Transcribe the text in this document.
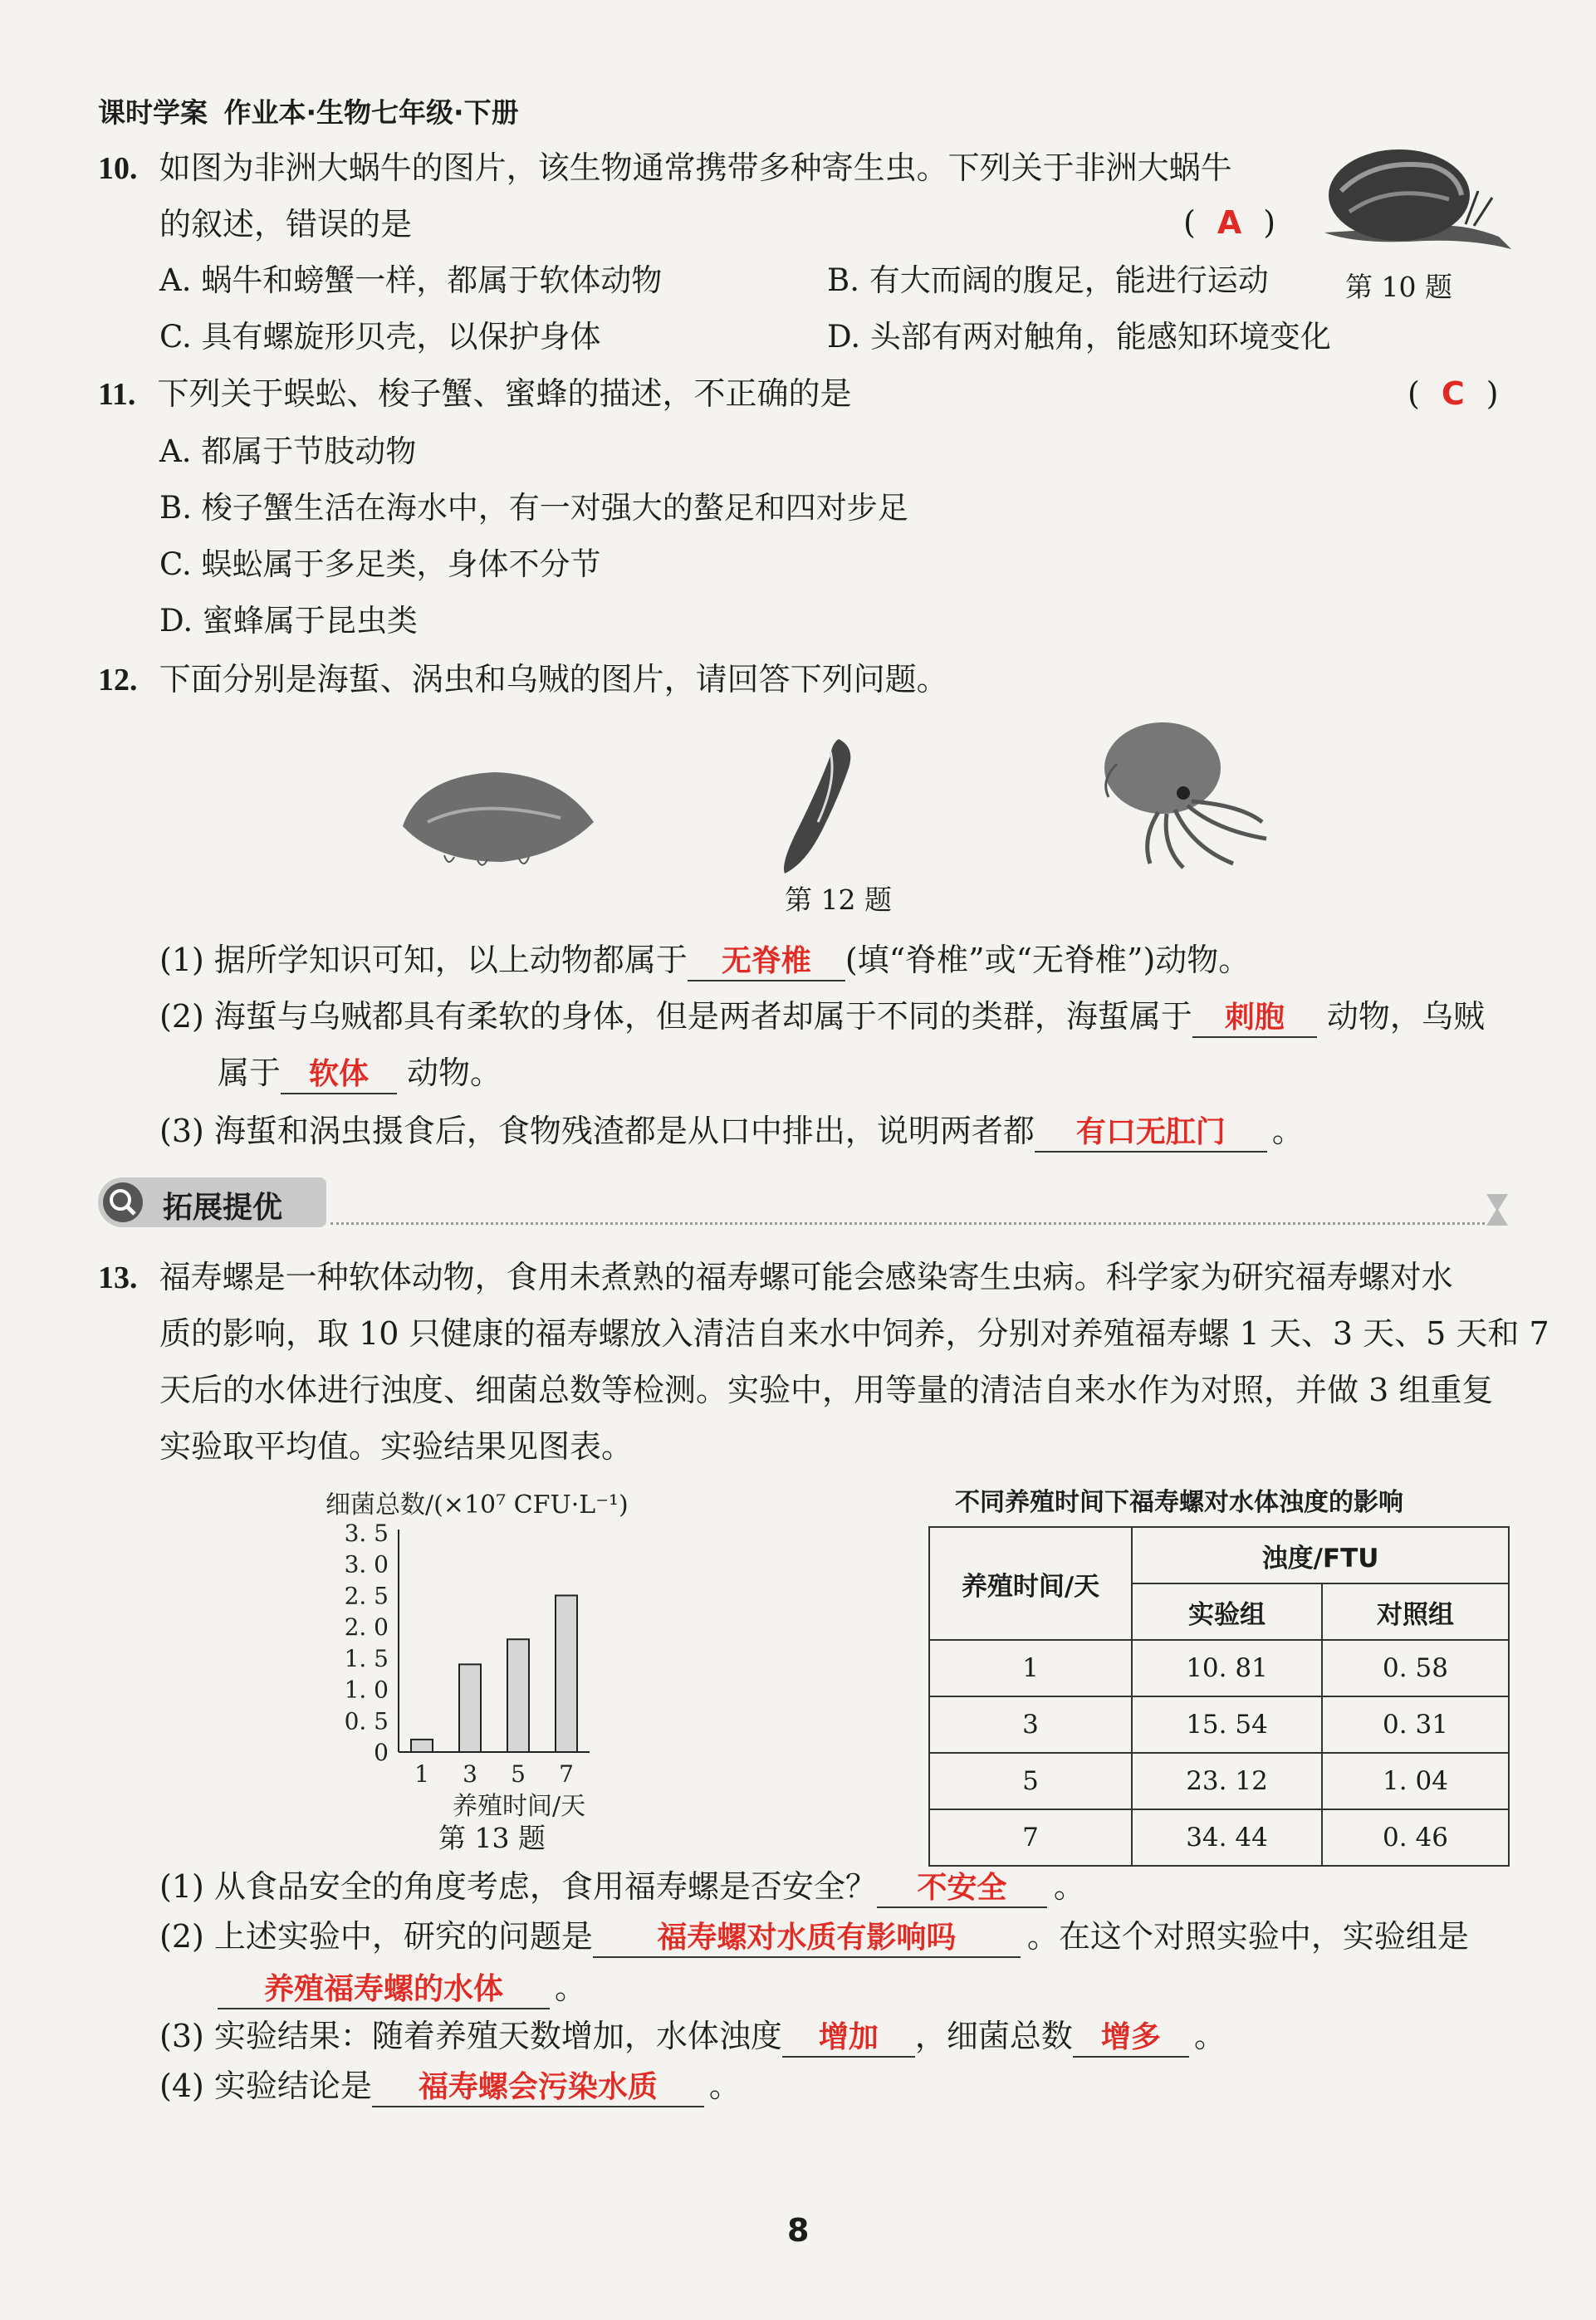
课时学案 作业本·生物七年级·下册
10. 如图为非洲大蜗牛的图片，该生物通常携带多种寄生虫。下列关于非洲大蜗牛
的叙述，错误的是	( A )
A. 蜗牛和螃蟹一样，都属于软体动物	B. 有大而阔的腹足，能进行运动
C. 具有螺旋形贝壳，以保护身体	D. 头部有两对触角，能感知环境变化
第 10 题
11. 下列关于蜈蚣、梭子蟹、蜜蜂的描述，不正确的是	( C )
A. 都属于节肢动物
B. 梭子蟹生活在海水中，有一对强大的螯足和四对步足
C. 蜈蚣属于多足类，身体不分节
D. 蜜蜂属于昆虫类
12. 下面分别是海蜇、涡虫和乌贼的图片，请回答下列问题。
第 12 题
(1) 据所学知识可知，以上动物都属于 无脊椎 (填“脊椎”或“无脊椎”)动物。
(2) 海蜇与乌贼都具有柔软的身体，但是两者却属于不同的类群，海蜇属于 刺胞 动物，乌贼
属于 软体 动物。
(3) 海蜇和涡虫摄食后，食物残渣都是从口中排出，说明两者都 有口无肛门 。
拓展提优
13. 福寿螺是一种软体动物，食用未煮熟的福寿螺可能会感染寄生虫病。科学家为研究福寿螺对水
质的影响，取 10 只健康的福寿螺放入清洁自来水中饲养，分别对养殖福寿螺 1 天、3 天、5 天和 7
天后的水体进行浊度、细菌总数等检测。实验中，用等量的清洁自来水作为对照，并做 3 组重复
实验取平均值。实验结果见图表。
细菌总数/(×10⁷ CFU·L⁻¹)
0
0. 5
1. 0
1. 5
2. 0
2. 5
3. 0
3. 5
1 3 5 7
养殖时间/天
第 13 题
不同养殖时间下福寿螺对水体浊度的影响
养殖时间/天	浊度/FTU	
	实验组	对照组
1	10. 81	0. 58
3	15. 54	0. 31
5	23. 12	1. 04
7	34. 44	0. 46
(1) 从食品安全的角度考虑，食用福寿螺是否安全？ 不安全 。
(2) 上述实验中，研究的问题是 福寿螺对水质有影响吗 。在这个对照实验中，实验组是
养殖福寿螺的水体 。
(3) 实验结果：随着养殖天数增加，水体浊度 增加 ，细菌总数 增多 。
(4) 实验结论是 福寿螺会污染水质 。
8
